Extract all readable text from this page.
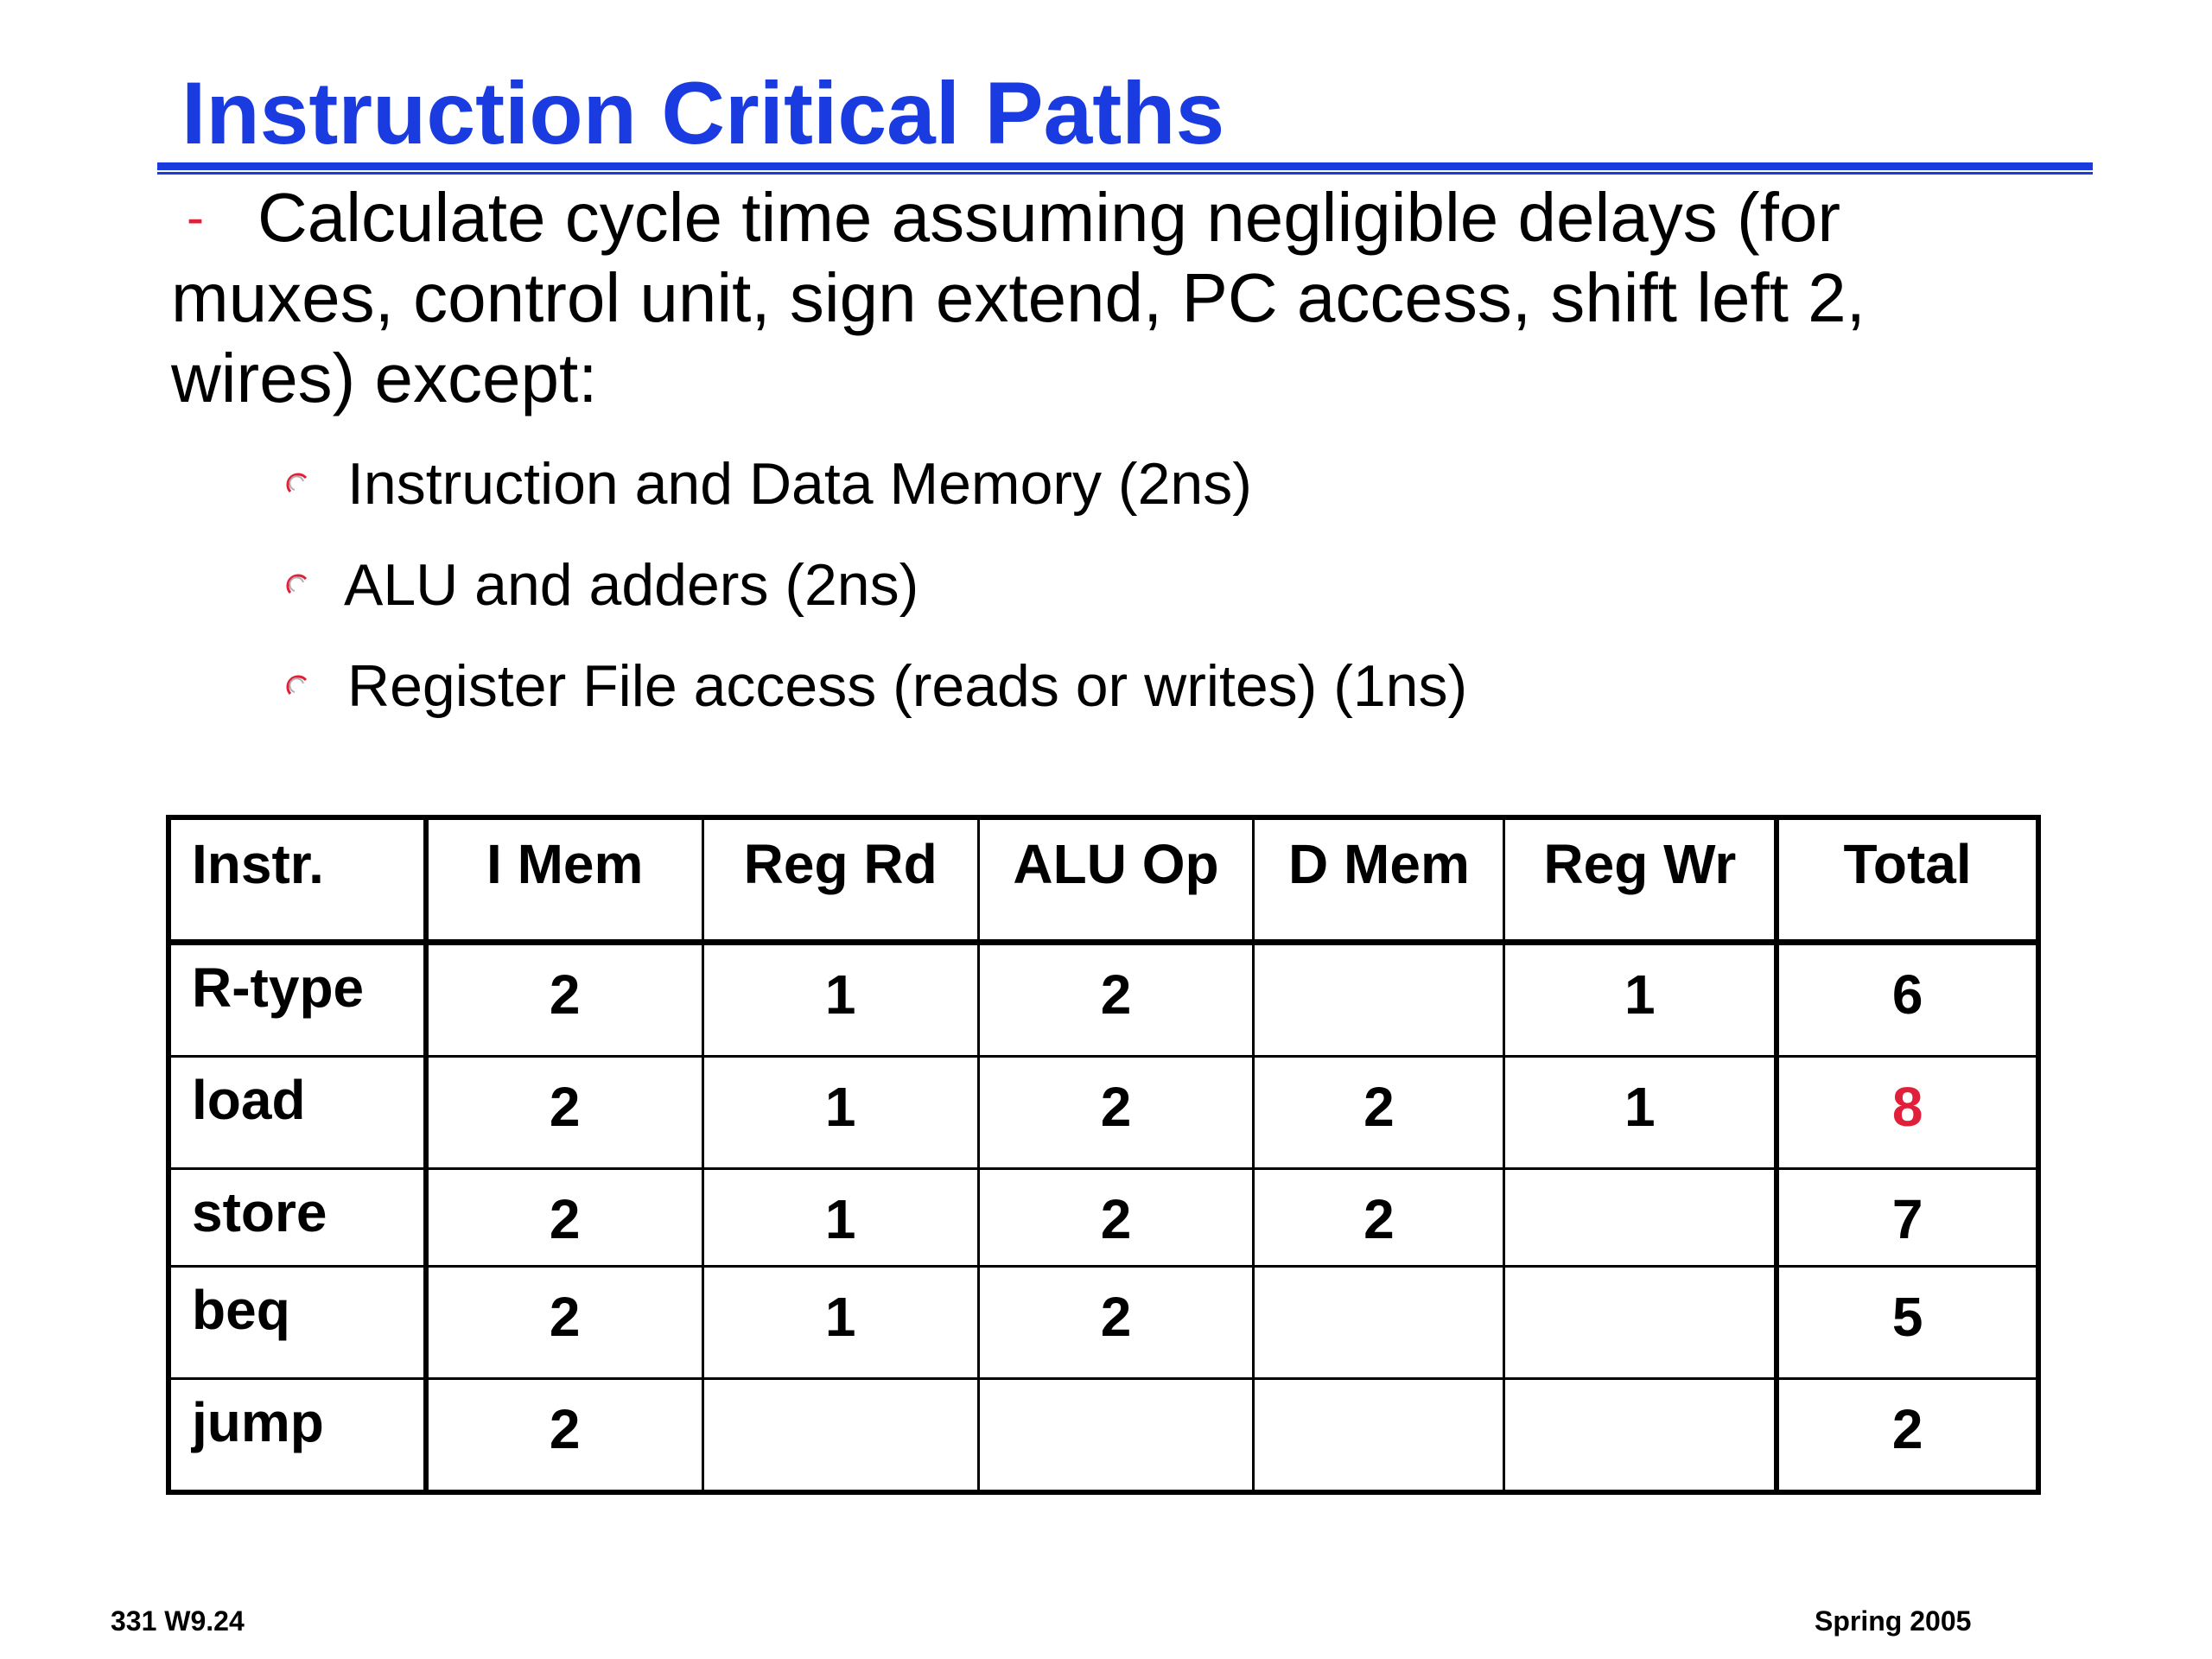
Instruction Critical Paths
- Calculate cycle time assuming negligible delays (for muxes, control unit, sign extend, PC access, shift left 2, wires) except:
Instruction and Data Memory (2ns)
ALU and adders (2ns)
Register File access (reads or writes) (1ns)
Instr.	I Mem	Reg Rd	ALU Op	D Mem	Reg Wr	Total
R-type	2	1	2		1	6
load	2	1	2	2	1	8
store	2	1	2	2		7
beq	2	1	2			5
jump	2					2
331 W9.24	Spring 2005
